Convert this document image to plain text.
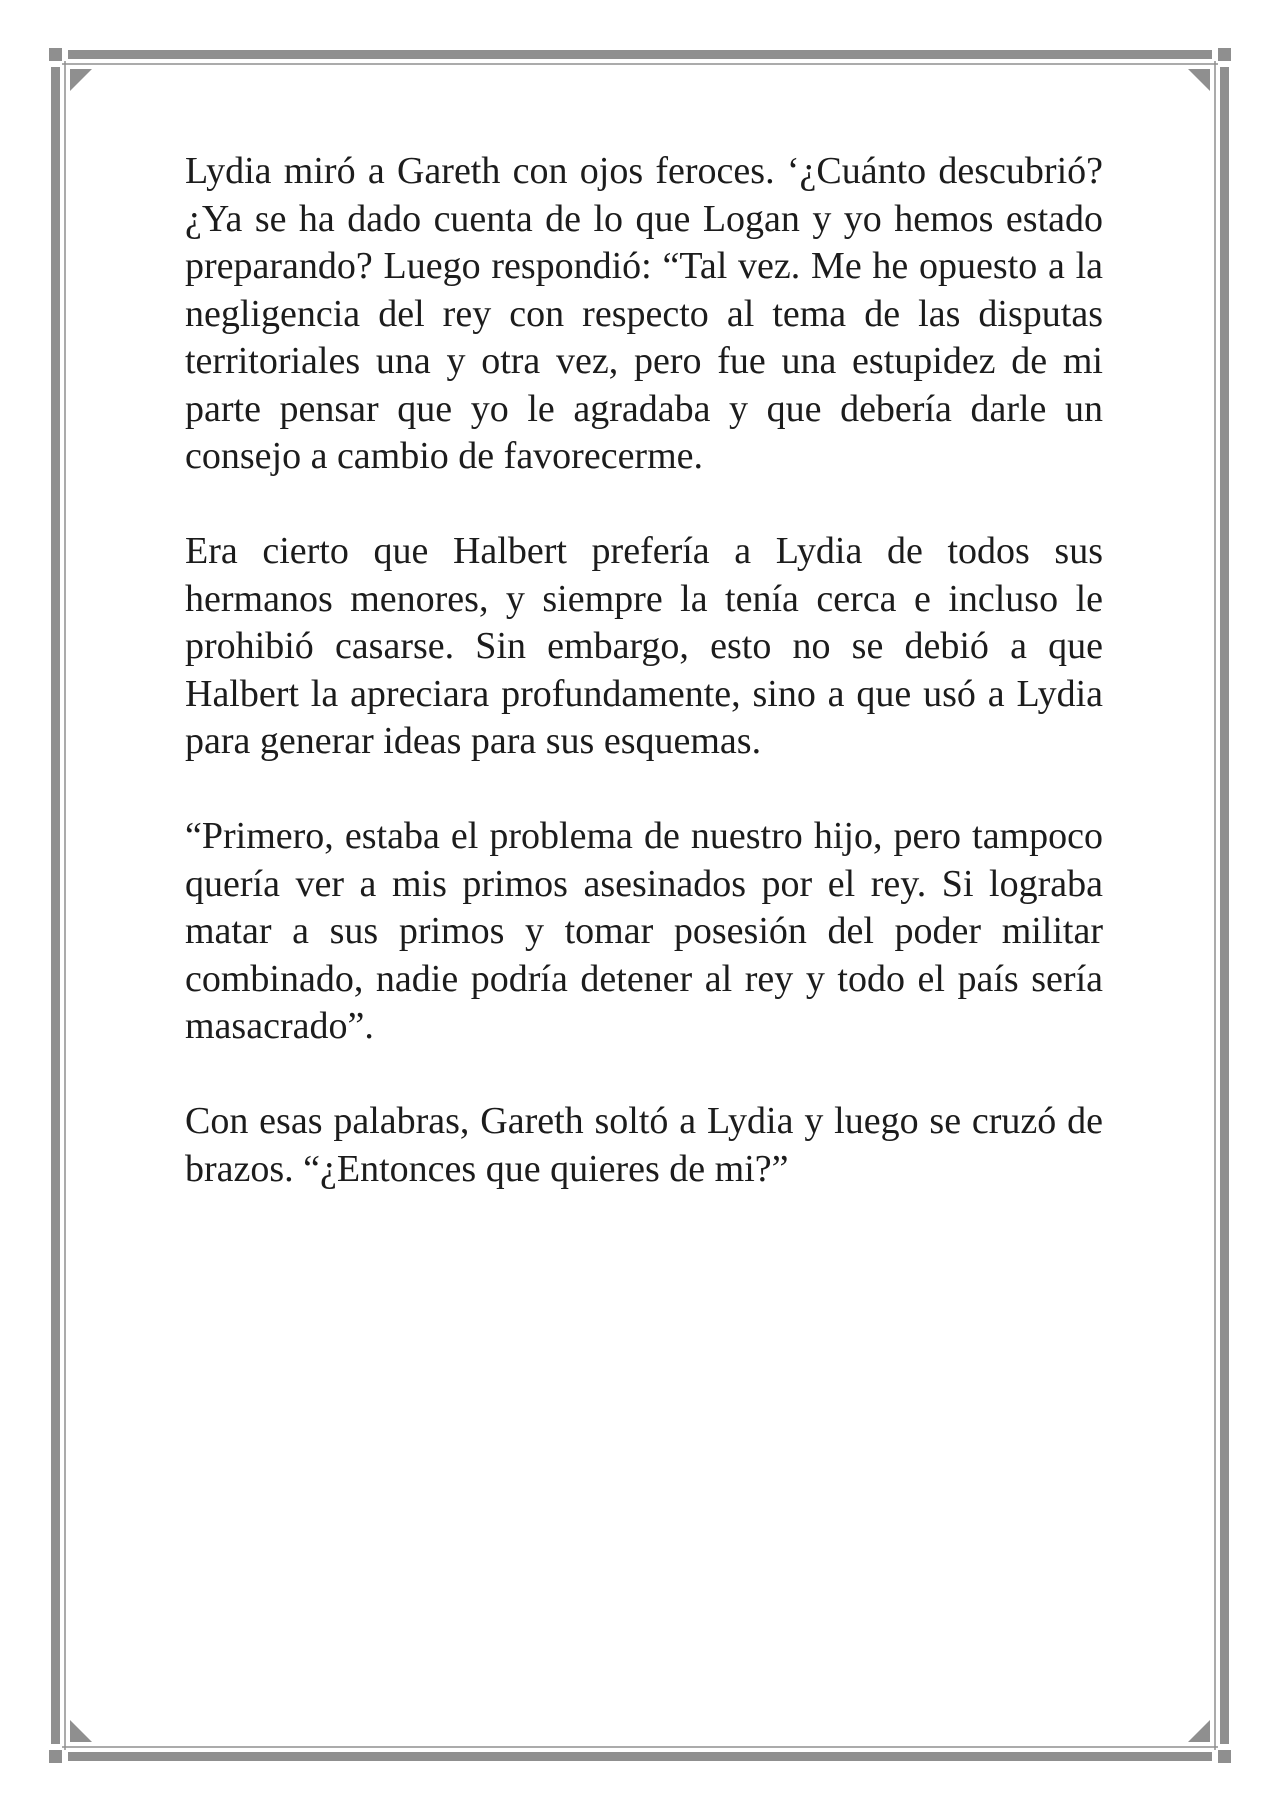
Lydia miró a Gareth con ojos feroces. ‘¿Cuánto descubrió? ¿Ya se ha dado cuenta de lo que Logan y yo hemos estado preparando? Luego respondió: “Tal vez. Me he opuesto a la negligencia del rey con respecto al tema de las disputas territoriales una y otra vez, pero fue una estupidez de mi parte pensar que yo le agradaba y que debería darle un consejo a cambio de favorecerme.

Era cierto que Halbert prefería a Lydia de todos sus hermanos menores, y siempre la tenía cerca e incluso le prohibió casarse. Sin embargo, esto no se debió a que Halbert la apreciara profundamente, sino a que usó a Lydia para generar ideas para sus esquemas.

“Primero, estaba el problema de nuestro hijo, pero tampoco quería ver a mis primos asesinados por el rey. Si lograba matar a sus primos y tomar posesión del poder militar combinado, nadie podría detener al rey y todo el país sería masacrado”.

Con esas palabras, Gareth soltó a Lydia y luego se cruzó de brazos. “¿Entonces que quieres de mi?”
